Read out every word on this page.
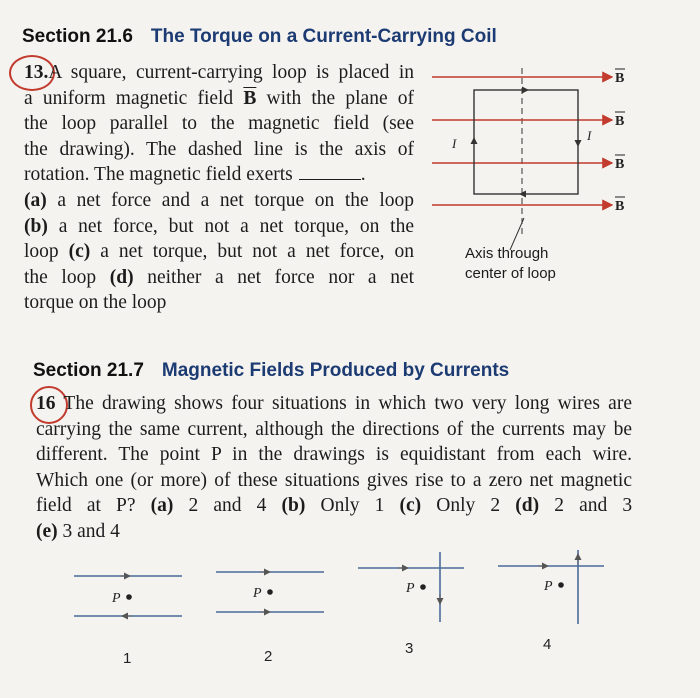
Section 21.6 The Torque on a Current-Carrying Coil
13.A square, current-carrying loop is placed in
a uniform magnetic field $\overline{B}$ with the plane of
the loop parallel to the magnetic field (see
the drawing). The dashed line is the axis of
rotation. The magnetic field exerts	.
(a) a net force and a net torque on the loop
(b) a net force, but not a net torque, on the
loop (c) a net torque, but not a net force, on
the loop (d) neither a net force nor a net
torque on the loop
I
I
B
B
B
B
Axis through
center of loop
Section 21.7 Magnetic Fields Produced by Currents
16 The drawing shows four situations in which two very long wires are
carrying the same current, although the directions of the currents may be
different. The point P in the drawings is equidistant from each wire.
Which one (or more) of these situations gives rise to a zero net magnetic
field at P? (a) 2 and 4 (b) Only 1 (c) Only 2 (d) 2 and 3
(e) 3 and 4
P	P	P	P
1	2	3	4
